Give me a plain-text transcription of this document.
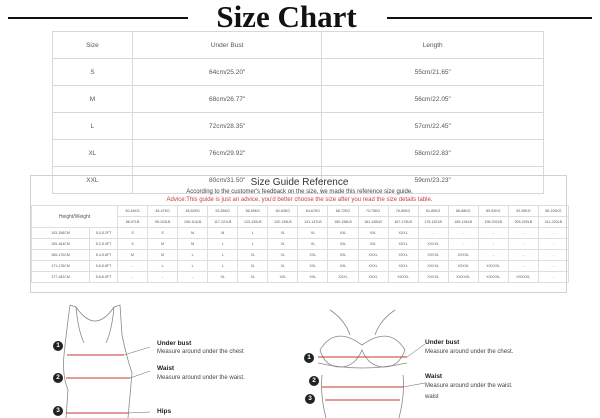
Size Chart
Size	Under Bust	Length
S	64cm/25.20"	55cm/21.65"
M	68cm/26.77"	56cm/22.05"
L	72cm/28.35"	57cm/22.45"
XL	76cm/29.92"	58cm/22.83"
XXL	80cm/31.50"	59cm/23.23"
Size Guide Reference
According to the customer's feedback on the size, we made this reference size guide.
Advice:This guide is just an advice, you'd better choose the size after you read the size details table.
Height/Weight		40-44KG	45-47KG	48-52KG	53-55KG	56-59KG	60-63KG	64-67KG	68-72KG	73-75KG	76-80KG	81-85KG	86-88KG	89-92KG	93-95KG	96-100KG
		88-97LB	99-103LB	106-114LB	117-121LB	123-130LB	132-139LB	141-147LB	150-158LB	161-165LB	167-176LB	178-187LB	189-194LB	196-202LB	205-209LB	211-220LB
153-158CM	5.0-5.2FT	S	S	M	M	L	XL	XL	XXL	XXL	XXXL	-	-	-	-	-
159-164CM	5.2-5.4FT	S	M	M	L	L	XL	XL	XXL	XXL	XXXL	XXXXL	-	-	-	-
165-170CM	5.4-5.6FT	M	M	L	L	XL	XL	XXL	XXL	XXXL	XXXL	XXXXL	XXXXL	-	-	-
171-176CM	5.6-5.8FT	-	L	L	L	XL	XL	XXL	XXL	XXXL	XXXL	XXXXL	XXXXL	XXXXXL	-	-
177-182CM	5.8-6.0FT	-	-	-	XL	XL	XXL	XXL	XXXL	XXXL	XXXXL	XXXXL	XXXXXL	XXXXXL	XXXXXL	-
1
2
3
Under bust
Measure around under the chest
Waist
Measure around under the waist.
Hips
1
2
3
Under bust
Measure around under the chest.
Waist
Measure around under the waist.
waist
